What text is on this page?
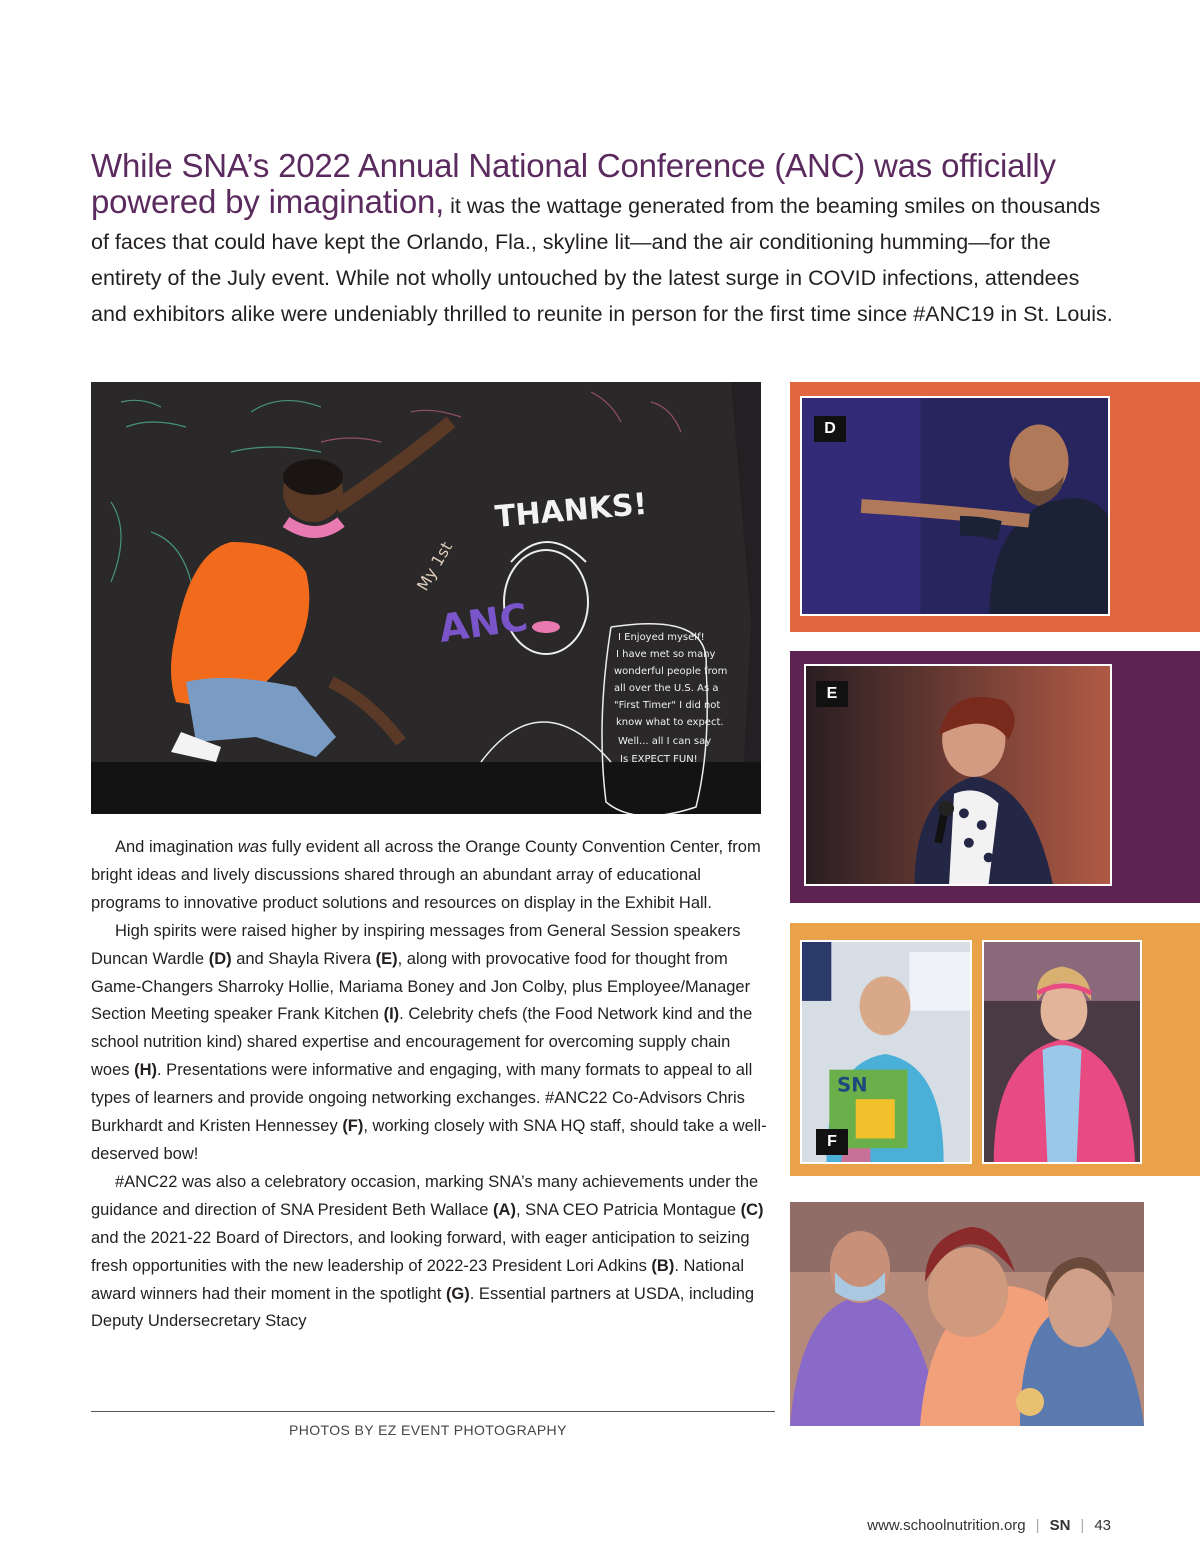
While SNA’s 2022 Annual National Conference (ANC) was officially powered by imagination, it was the wattage generated from the beaming smiles on thousands of faces that could have kept the Orlando, Fla., skyline lit—and the air conditioning humming—for the entirety of the July event. While not wholly untouched by the latest surge in COVID infections, attendees and exhibitors alike were undeniably thrilled to reunite in person for the first time since #ANC19 in St. Louis.
THANKS!
ANC
My 1st
I Enjoyed myself!
I have met so many
wonderful people from
all over the U.S. As a
"First Timer" I did not
know what to expect.
Well... all I can say
Is EXPECT FUN!
D
E
SN
F

And imagination was fully evident all across the Orange County Convention Center, from bright ideas and lively discussions shared through an abundant array of educational programs to innovative product solutions and resources on display in the Exhibit Hall.

High spirits were raised higher by inspiring messages from General Session speakers Duncan Wardle (D) and Shayla Rivera (E), along with provocative food for thought from Game-Changers Sharroky Hollie, Mariama Boney and Jon Colby, plus Employee/Manager Section Meeting speaker Frank Kitchen (I). Celebrity chefs (the Food Network kind and the school nutrition kind) shared expertise and encouragement for overcoming supply chain woes (H). Presentations were informative and engaging, with many formats to appeal to all types of learners and provide ongoing networking exchanges. #ANC22 Co-Advisors Chris Burkhardt and Kristen Hennessey (F), working closely with SNA HQ staff, should take a well-deserved bow!

#ANC22 was also a celebratory occasion, marking SNA’s many achievements under the guidance and direction of SNA President Beth Wallace (A), SNA CEO Patricia Montague (C) and the 2021-22 Board of Directors, and looking forward, with eager anticipation to seizing fresh opportunities with the new leadership of 2022-23 President Lori Adkins (B). National award winners had their moment in the spotlight (G). Essential partners at USDA, including Deputy Undersecretary Stacy

PHOTOS BY EZ EVENT PHOTOGRAPHY
www.schoolnutrition.org | SN | 43
